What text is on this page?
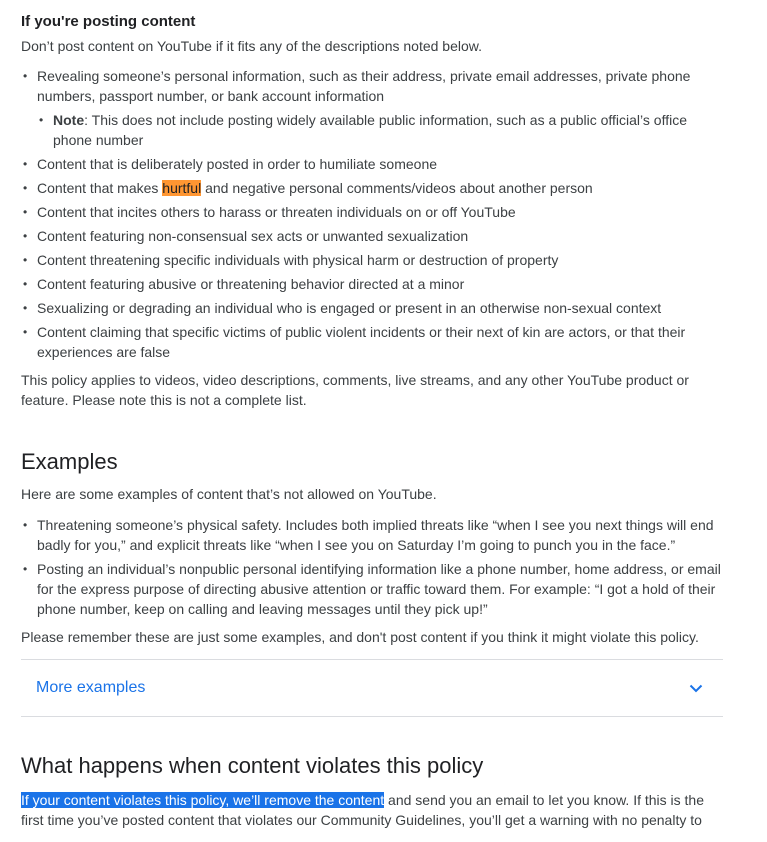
If you're posting content

Don’t post content on YouTube if it fits any of the descriptions noted below.

• Revealing someone’s personal information, such as their address, private email addresses, private phone numbers, passport number, or bank account information
• Note: This does not include posting widely available public information, such as a public official’s office phone number
• Content that is deliberately posted in order to humiliate someone
• Content that makes hurtful and negative personal comments/videos about another person
• Content that incites others to harass or threaten individuals on or off YouTube
• Content featuring non-consensual sex acts or unwanted sexualization
• Content threatening specific individuals with physical harm or destruction of property
• Content featuring abusive or threatening behavior directed at a minor
• Sexualizing or degrading an individual who is engaged or present in an otherwise non-sexual context
• Content claiming that specific victims of public violent incidents or their next of kin are actors, or that their experiences are false

This policy applies to videos, video descriptions, comments, live streams, and any other YouTube product or feature. Please note this is not a complete list.

Examples

Here are some examples of content that’s not allowed on YouTube.

• Threatening someone’s physical safety. Includes both implied threats like “when I see you next things will end badly for you,” and explicit threats like “when I see you on Saturday I’m going to punch you in the face.”
• Posting an individual’s nonpublic personal identifying information like a phone number, home address, or email for the express purpose of directing abusive attention or traffic toward them. For example: “I got a hold of their phone number, keep on calling and leaving messages until they pick up!”

Please remember these are just some examples, and don't post content if you think it might violate this policy.

More examples
What happens when content violates this policy

If your content violates this policy, we’ll remove the content and send you an email to let you know. If this is the first time you’ve posted content that violates our Community Guidelines, you’ll get a warning with no penalty to
